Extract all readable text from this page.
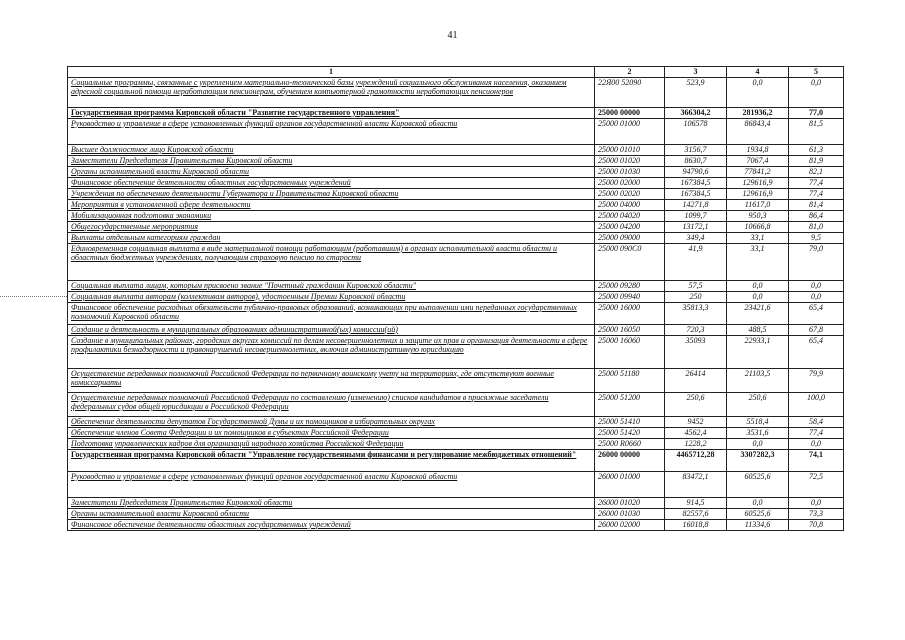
41
1	2	3	4	5
Социальные программы, связанные с укреплением материально-технической базы учреждений социального обслуживания населения, оказанием адресной социальной помощи неработающим пенсионерам, обучением компьютерной грамотности неработающих пенсионеров	22Я00 52090	523,9	0,0	0,0
Государственная программа Кировской области "Развитие государственного управления"	25000 00000	366304,2	281936,2	77,0
Руководство и управление в сфере установленных функций органов государственной власти Кировской области	25000 01000	106578	86843,4	81,5
Высшее должностное лицо Кировской области	25000 01010	3156,7	1934,8	61,3
Заместители Председателя Правительства Кировской области	25000 01020	8630,7	7067,4	81,9
Органы исполнительной власти Кировской области	25000 01030	94790,6	77841,2	82,1
Финансовое обеспечение деятельности областных государственных учреждений	25000 02000	167384,5	129616,9	77,4
Учреждения по обеспечению деятельности Губернатора и Правительства Кировской области	25000 02020	167384,5	129616,9	77,4
Мероприятия в установленной сфере деятельности	25000 04000	14271,8	11617,0	81,4
Мобилизационная подготовка экономики	25000 04020	1099,7	950,3	86,4
Общегосударственные мероприятия	25000 04200	13172,1	10666,8	81,0
Выплаты отдельным категориям граждан	25000 09000	349,4	33,1	9,5
Единовременная социальная выплата в виде материальной помощи работающим (работавшим) в органах исполнительной власти области и областных бюджетных учреждениях, получающим страховую пенсию по старости	25000 090С0	41,9	33,1	79,0
Социальная выплата лицам, которым присвоено звание "Почетный гражданин Кировской области"	25000 09280	57,5	0,0	0,0
Социальная выплата авторам (коллективам авторов), удостоенным Премии Кировской области	25000 09940	250	0,0	0,0
Финансовое обеспечение расходных обязательств публично-правовых образований, возникающих при выполнении ими переданных государственных полномочий Кировской области	25000 16000	35813,3	23421,6	65,4
Создание и деятельность в муниципальных образованиях административной(ых) комиссии(ий)	25000 16050	720,3	488,5	67,8
Создание в муниципальных районах, городских округах комиссий по делам несовершеннолетних и защите их прав и организация деятельности в сфере профилактики безнадзорности и правонарушений несовершеннолетних, включая административную юрисдикцию	25000 16060	35093	22933,1	65,4
Осуществление переданных полномочий Российской Федерации по первичному воинскому учету на территориях, где отсутствуют военные комиссариаты	25000 51180	26414	21103,5	79,9
Осуществление переданных полномочий Российской Федерации по составлению (изменению) списков кандидатов в присяжные заседатели федеральных судов общей юрисдикции в Российской Федерации	25000 51200	250,6	250,6	100,0
Обеспечение деятельности депутатов Государственной Думы и их помощников в избирательных округах	25000 51410	9452	5518,4	58,4
Обеспечение членов Совета Федерации и их помощников в субъектах Российской Федерации	25000 51420	4562,4	3531,6	77,4
Подготовка управленческих кадров для организаций народного хозяйства Российской Федерации	25000 R0660	1228,2	0,0	0,0
Государственная программа Кировской области "Управление государственными финансами и регулирование межбюджетных отношений"	26000 00000	4465712,28	3307282,3	74,1
Руководство и управление в сфере установленных функций органов государственной власти Кировской области	26000 01000	83472,1	60525,6	72,5
Заместители Председателя Правительства Кировской области	26000 01020	914,5	0,0	0,0
Органы исполнительной власти Кировской области	26000 01030	82557,6	60525,6	73,3
Финансовое обеспечение деятельности областных государственных учреждений	26000 02000	16018,8	11334,6	70,8
